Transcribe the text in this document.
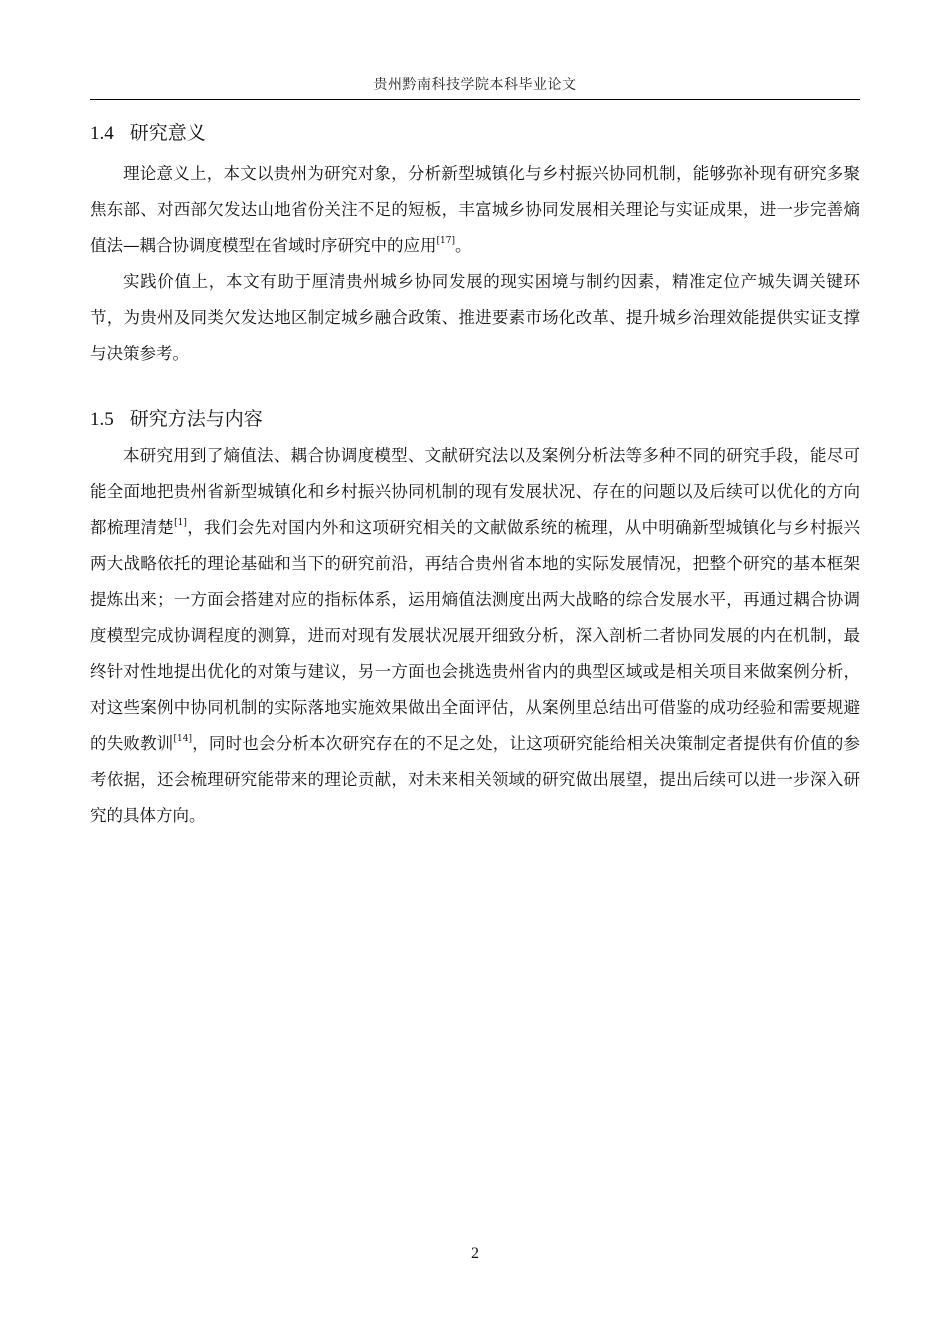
贵州黔南科技学院本科毕业论文
1.4 研究意义

理论意义上，本文以贵州为研究对象，分析新型城镇化与乡村振兴协同机制，能够弥补现有研究多聚焦东部、对西部欠发达山地省份关注不足的短板，丰富城乡协同发展相关理论与实证成果，进一步完善熵值法—耦合协调度模型在省域时序研究中的应用[17]。

实践价值上，本文有助于厘清贵州城乡协同发展的现实困境与制约因素，精准定位产城失调关键环节，为贵州及同类欠发达地区制定城乡融合政策、推进要素市场化改革、提升城乡治理效能提供实证支撑与决策参考。

1.5 研究方法与内容

本研究用到了熵值法、耦合协调度模型、文献研究法以及案例分析法等多种不同的研究手段，能尽可能全面地把贵州省新型城镇化和乡村振兴协同机制的现有发展状况、存在的问题以及后续可以优化的方向都梳理清楚[1]，我们会先对国内外和这项研究相关的文献做系统的梳理，从中明确新型城镇化与乡村振兴两大战略依托的理论基础和当下的研究前沿，再结合贵州省本地的实际发展情况，把整个研究的基本框架提炼出来；一方面会搭建对应的指标体系，运用熵值法测度出两大战略的综合发展水平，再通过耦合协调度模型完成协调程度的测算，进而对现有发展状况展开细致分析，深入剖析二者协同发展的内在机制，最终针对性地提出优化的对策与建议，另一方面也会挑选贵州省内的典型区域或是相关项目来做案例分析，对这些案例中协同机制的实际落地实施效果做出全面评估，从案例里总结出可借鉴的成功经验和需要规避的失败教训[14]，同时也会分析本次研究存在的不足之处，让这项研究能给相关决策制定者提供有价值的参考依据，还会梳理研究能带来的理论贡献，对未来相关领域的研究做出展望，提出后续可以进一步深入研究的具体方向。

2
